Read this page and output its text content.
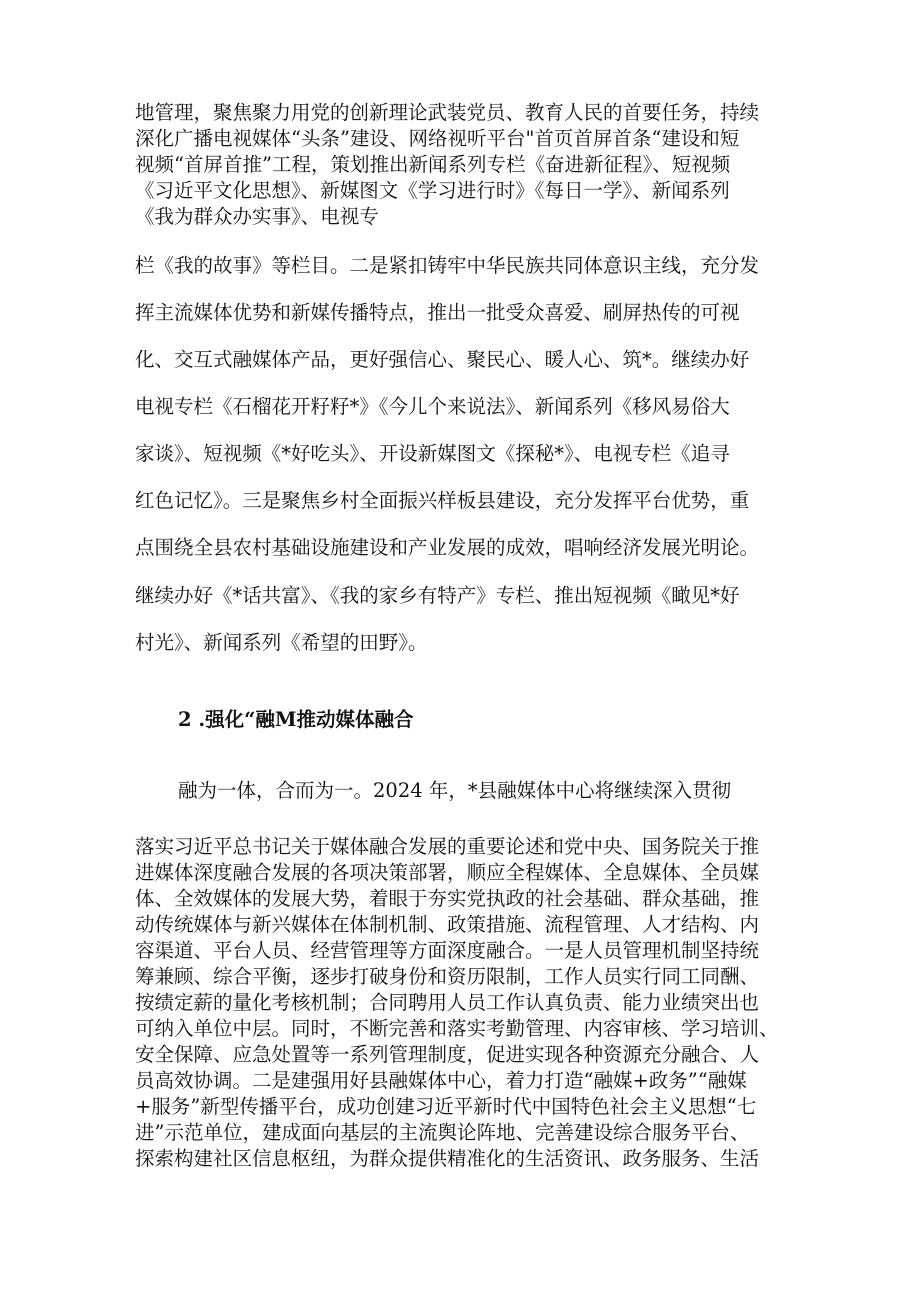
地管理，聚焦聚力用党的创新理论武装党员、教育人民的首要任务，持续
深化广播电视媒体“头条”建设、网络视听平台"首页首屏首条“建设和短
视频“首屏首推”工程，策划推出新闻系列专栏《奋进新征程》、短视频
《习近平文化思想》、新媒图文《学习进行时》《每日一学》、新闻系列
《我为群众办实事》、电视专
栏《我的故事》等栏目。二是紧扣铸牢中华民族共同体意识主线，充分发
挥主流媒体优势和新媒传播特点，推出一批受众喜爱、刷屏热传的可视
化、交互式融媒体产品，更好强信心、聚民心、暖人心、筑*。继续办好
电视专栏《石榴花开籽籽*》《今儿个来说法》、新闻系列《移风易俗大
家谈》、短视频《*好吃头》、开设新媒图文《探秘*》、电视专栏《追寻
红色记忆》。三是聚焦乡村全面振兴样板县建设，充分发挥平台优势，重
点围绕全县农村基础设施建设和产业发展的成效，唱响经济发展光明论。
继续办好《*话共富》、《我的家乡有特产》专栏、推出短视频《瞰见*好
村光》、新闻系列《希望的田野》。
2 .强化“融M推动媒体融合
融为一体，合而为一。2024 年，*县融媒体中心将继续深入贯彻
落实习近平总书记关于媒体融合发展的重要论述和党中央、国务院关于推
进媒体深度融合发展的各项决策部署，顺应全程媒体、全息媒体、全员媒
体、全效媒体的发展大势，着眼于夯实党执政的社会基础、群众基础，推
动传统媒体与新兴媒体在体制机制、政策措施、流程管理、人才结构、内
容渠道、平台人员、经营管理等方面深度融合。一是人员管理机制坚持统
筹兼顾、综合平衡，逐步打破身份和资历限制，工作人员实行同工同酬、
按绩定薪的量化考核机制；合同聘用人员工作认真负责、能力业绩突出也
可纳入单位中层。同时，不断完善和落实考勤管理、内容审核、学习培训、
安全保障、应急处置等一系列管理制度，促进实现各种资源充分融合、人
员高效协调。二是建强用好县融媒体中心，着力打造“融媒+政务”“融媒
+服务”新型传播平台，成功创建习近平新时代中国特色社会主义思想“七
进”示范单位，建成面向基层的主流舆论阵地、完善建设综合服务平台、
探索构建社区信息枢纽，为群众提供精准化的生活资讯、政务服务、生活
